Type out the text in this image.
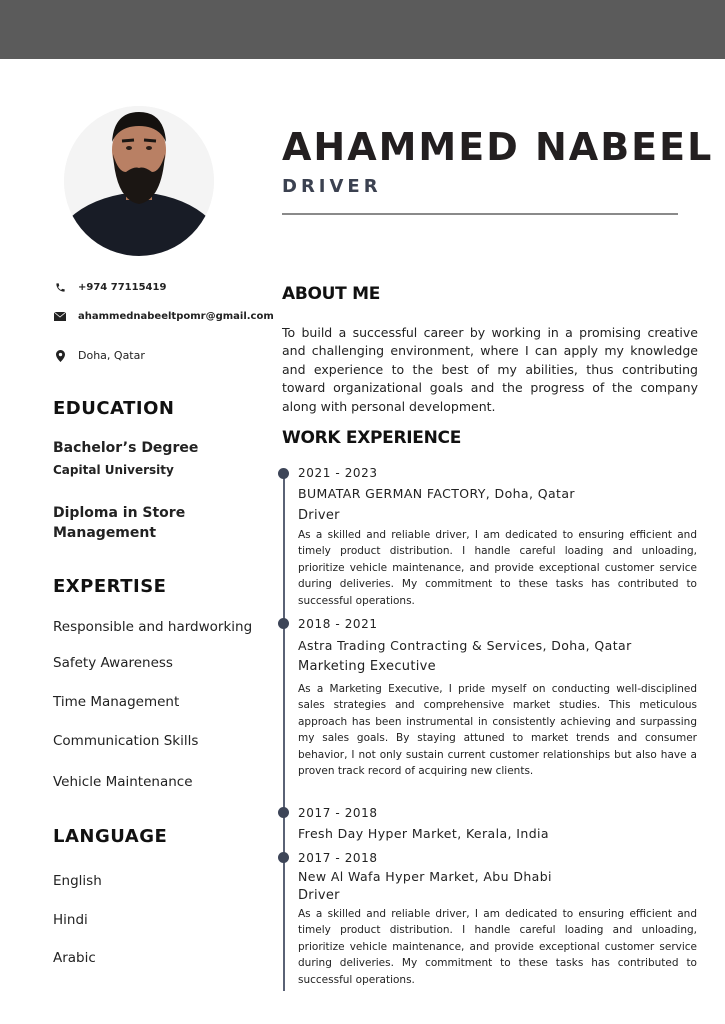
AHAMMED NABEEL
DRIVER
+974 77115419
ahammednabeeltpomr@gmail.com
Doha, Qatar
EDUCATION
Bachelor’s Degree
Capital University
Diploma in Store Management
EXPERTISE
Responsible and hardworking
Safety Awareness
Time Management
Communication Skills
Vehicle Maintenance
LANGUAGE
English
Hindi
Arabic
ABOUT ME

To build a successful career by working in a promising creative and challenging environment, where I can apply my knowledge and experience to the best of my abilities, thus contributing toward organizational goals and the progress of the company along with personal development.

WORK EXPERIENCE
2021 - 2023
BUMATAR GERMAN FACTORY, Doha, Qatar
Driver

As a skilled and reliable driver, I am dedicated to ensuring efficient and timely product distribution. I handle careful loading and unloading, prioritize vehicle maintenance, and provide exceptional customer service during deliveries. My commitment to these tasks has contributed to successful operations.

2018 - 2021
Astra Trading Contracting & Services, Doha, Qatar
Marketing Executive

As a Marketing Executive, I pride myself on conducting well-disciplined sales strategies and comprehensive market studies. This meticulous approach has been instrumental in consistently achieving and surpassing my sales goals. By staying attuned to market trends and consumer behavior, I not only sustain current customer relationships but also have a proven track record of acquiring new clients.

2017 - 2018
Fresh Day Hyper Market, Kerala, India
2017 - 2018
New Al Wafa Hyper Market, Abu Dhabi
Driver

As a skilled and reliable driver, I am dedicated to ensuring efficient and timely product distribution. I handle careful loading and unloading, prioritize vehicle maintenance, and provide exceptional customer service during deliveries. My commitment to these tasks has contributed to successful operations.
